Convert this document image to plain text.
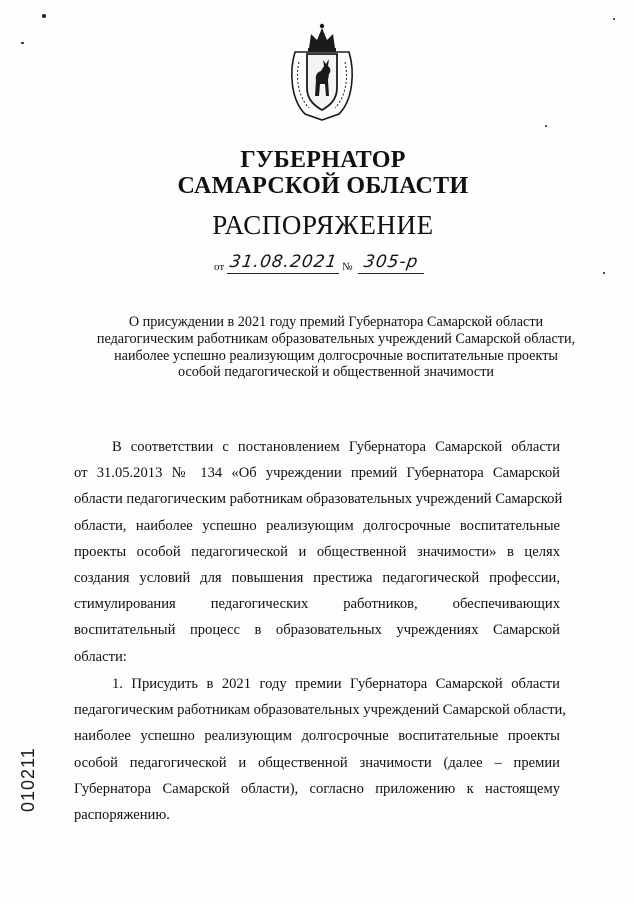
ГУБЕРНАТОР
САМАРСКОЙ ОБЛАСТИ
РАСПОРЯЖЕНИЕ
от 31.08.2021 № 305-р
О присуждении в 2021 году премий Губернатора Самарской области
педагогическим работникам образовательных учреждений Самарской области,
наиболее успешно реализующим долгосрочные воспитательные проекты
особой педагогической и общественной значимости
В соответствии с постановлением Губернатора Самарской области
от 31.05.2013 № 134 «Об учреждении премий Губернатора Самарской
области педагогическим работникам образовательных учреждений Самарской
области, наиболее успешно реализующим долгосрочные воспитательные
проекты особой педагогической и общественной значимости» в целях
создания условий для повышения престижа педагогической профессии,
стимулирования педагогических работников, обеспечивающих
воспитательный процесс в образовательных учреждениях Самарской
области:
1. Присудить в 2021 году премии Губернатора Самарской области
педагогическим работникам образовательных учреждений Самарской области,
наиболее успешно реализующим долгосрочные воспитательные проекты
особой педагогической и общественной значимости (далее – премии
Губернатора Самарской области), согласно приложению к настоящему
распоряжению.
010211
